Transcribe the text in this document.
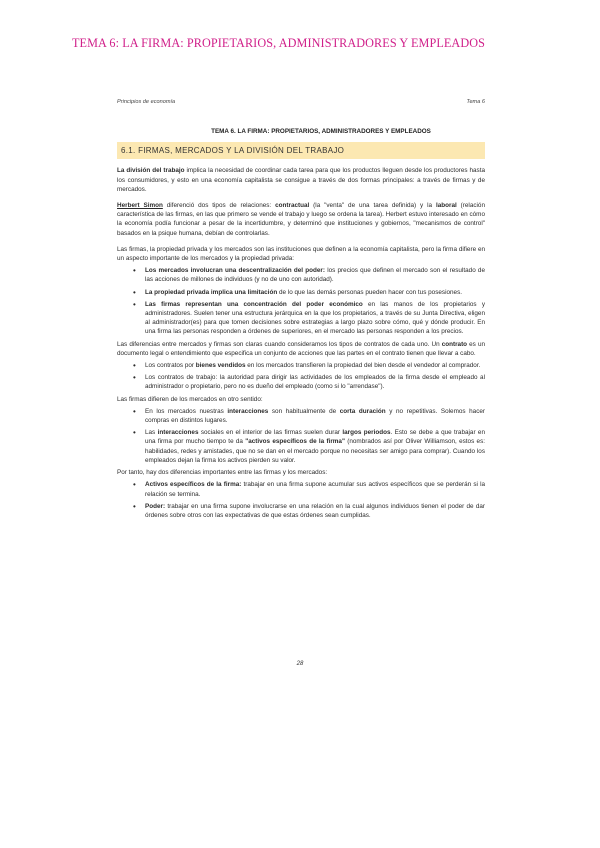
TEMA 6: LA FIRMA: PROPIETARIOS, ADMINISTRADORES Y EMPLEADOS
Principios de economía	Tema 6
TEMA 6. LA FIRMA: PROPIETARIOS, ADMINISTRADORES Y EMPLEADOS
6.1. FIRMAS, MERCADOS Y LA DIVISIÓN DEL TRABAJO

La división del trabajo implica la necesidad de coordinar cada tarea para que los productos lleguen desde los productores hasta los consumidores, y esto en una economía capitalista se consigue a través de dos formas principales: a través de firmas y de mercados.

Herbert Simon diferenció dos tipos de relaciones: contractual (la "venta" de una tarea definida) y la laboral (relación característica de las firmas, en las que primero se vende el trabajo y luego se ordena la tarea). Herbert estuvo interesado en cómo la economía podía funcionar a pesar de la incertidumbre, y determinó que instituciones y gobiernos, "mecanismos de control" basados en la psique humana, debían de controlarlas.

Las firmas, la propiedad privada y los mercados son las instituciones que definen a la economía capitalista, pero la firma difiere en un aspecto importante de los mercados y la propiedad privada:

• Los mercados involucran una descentralización del poder: los precios que definen el mercado son el resultado de las acciones de millones de individuos (y no de uno con autoridad).
• La propiedad privada implica una limitación de lo que las demás personas pueden hacer con tus posesiones.
• Las firmas representan una concentración del poder económico en las manos de los propietarios y administradores. Suelen tener una estructura jerárquica en la que los propietarios, a través de su Junta Directiva, eligen al administrador(es) para que tomen decisiones sobre estrategias a largo plazo sobre cómo, qué y dónde producir. En una firma las personas responden a órdenes de superiores, en el mercado las personas responden a los precios.

Las diferencias entre mercados y firmas son claras cuando consideramos los tipos de contratos de cada uno. Un contrato es un documento legal o entendimiento que especifica un conjunto de acciones que las partes en el contrato tienen que llevar a cabo.

• Los contratos por bienes vendidos en los mercados transfieren la propiedad del bien desde el vendedor al comprador.
• Los contratos de trabajo: la autoridad para dirigir las actividades de los empleados de la firma desde el empleado al administrador o propietario, pero no es dueño del empleado (como si lo "arrendase").

Las firmas difieren de los mercados en otro sentido:

• En los mercados nuestras interacciones son habitualmente de corta duración y no repetitivas. Solemos hacer compras en distintos lugares.
• Las interacciones sociales en el interior de las firmas suelen durar largos periodos. Esto se debe a que trabajar en una firma por mucho tiempo te da "activos específicos de la firma" (nombrados así por Oliver Williamson, estos es: habilidades, redes y amistades, que no se dan en el mercado porque no necesitas ser amigo para comprar). Cuando los empleados dejan la firma los activos pierden su valor.

Por tanto, hay dos diferencias importantes entre las firmas y los mercados:

• Activos específicos de la firma: trabajar en una firma supone acumular sus activos específicos que se perderán si la relación se termina.
• Poder: trabajar en una firma supone involucrarse en una relación en la cual algunos individuos tienen el poder de dar órdenes sobre otros con las expectativas de que estas órdenes sean cumplidas.
28
